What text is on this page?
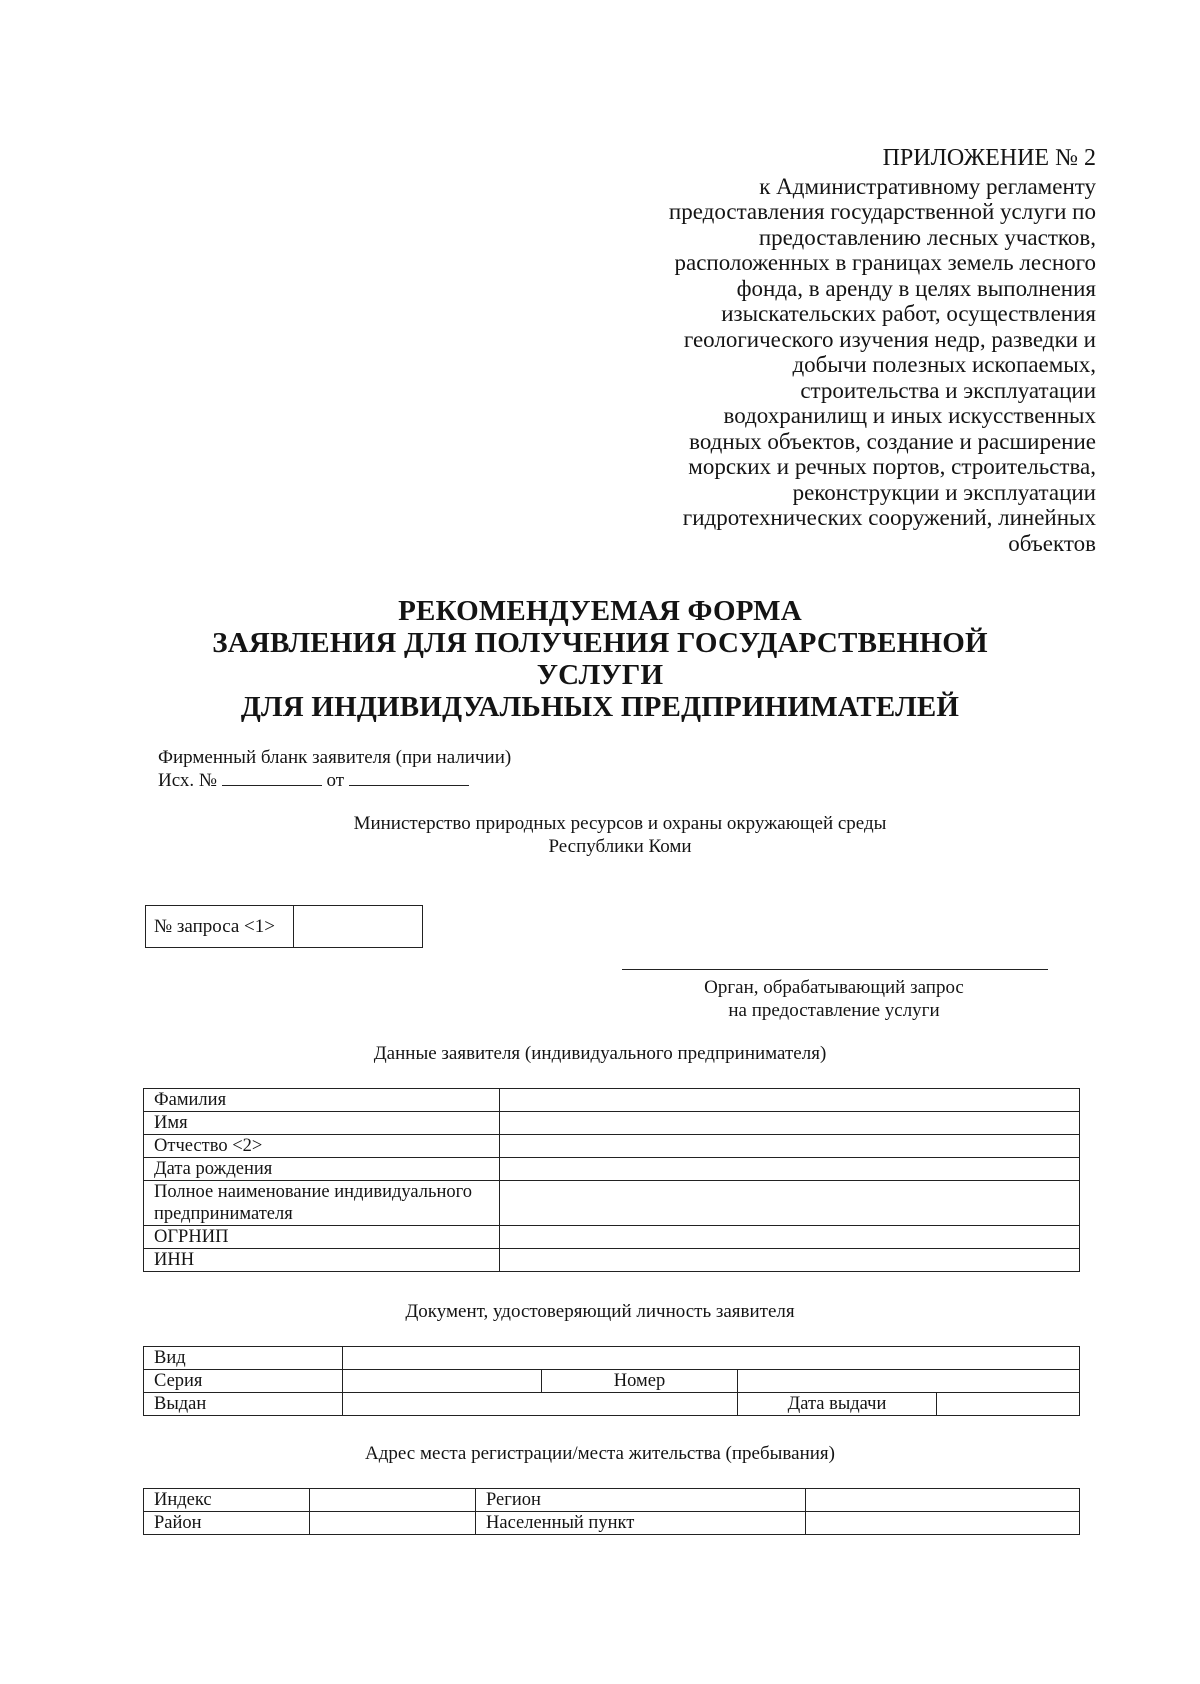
ПРИЛОЖЕНИЕ № 2
к Административному регламенту
предоставления государственной услуги по
предоставлению лесных участков,
расположенных в границах земель лесного
фонда, в аренду в целях выполнения
изыскательских работ, осуществления
геологического изучения недр, разведки и
добычи полезных ископаемых,
строительства и эксплуатации
водохранилищ и иных искусственных
водных объектов, создание и расширение
морских и речных портов, строительства,
реконструкции и эксплуатации
гидротехнических сооружений, линейных
объектов
РЕКОМЕНДУЕМАЯ ФОРМА
ЗАЯВЛЕНИЯ ДЛЯ ПОЛУЧЕНИЯ ГОСУДАРСТВЕННОЙ
УСЛУГИ
ДЛЯ ИНДИВИДУАЛЬНЫХ ПРЕДПРИНИМАТЕЛЕЙ
Фирменный бланк заявителя (при наличии)
Исх. №	от
Министерство природных ресурсов и охраны окружающей среды
Республики Коми
№ запроса <1>	
Орган, обрабатывающий запрос
на предоставление услуги
Данные заявителя (индивидуального предпринимателя)
Фамилия	
Имя	
Отчество <2>	
Дата рождения	
Полное наименование индивидуального предпринимателя	
ОГРНИП	
ИНН	
Документ, удостоверяющий личность заявителя
Вид				
Серия		Номер		
Выдан			Дата выдачи	
Адрес места регистрации/места жительства (пребывания)
Индекс		Регион	
Район		Населенный пункт	
